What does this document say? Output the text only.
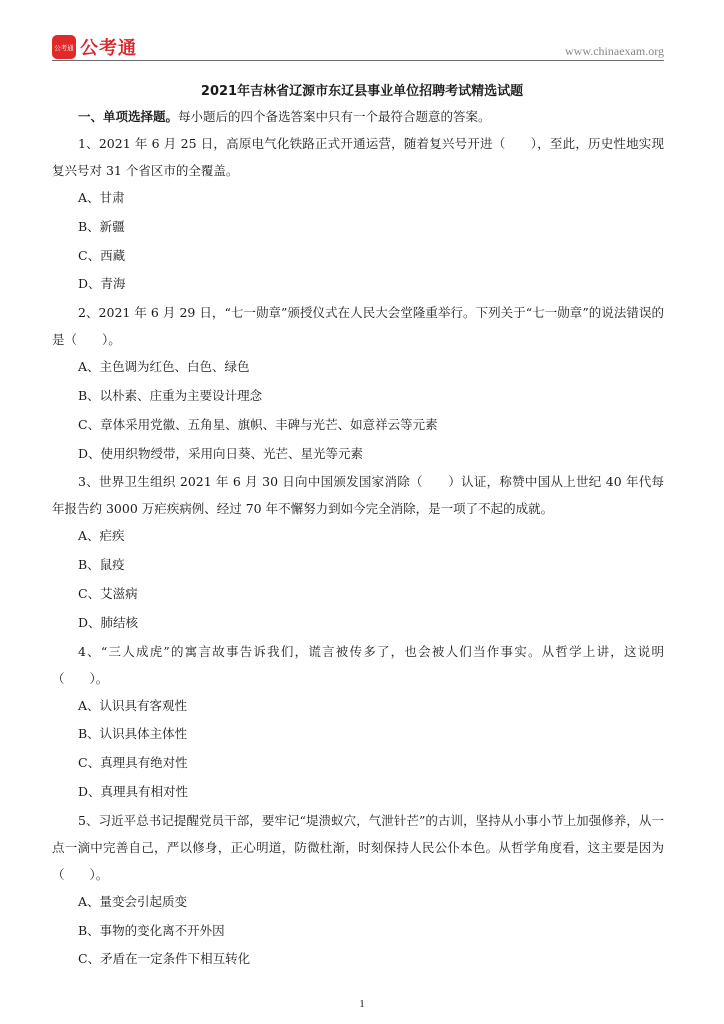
公考通 公考通	www.chinaexam.org
2021年吉林省辽源市东辽县事业单位招聘考试精选试题
一、单项选择题。每小题后的四个备选答案中只有一个最符合题意的答案。
1、2021 年 6 月 25 日，高原电气化铁路正式开通运营，随着复兴号开进（　　），至此，历史性地实现复兴号对 31 个省区市的全覆盖。
A、甘肃
B、新疆
C、西藏
D、青海
2、2021 年 6 月 29 日，“七一勋章”颁授仪式在人民大会堂隆重举行。下列关于“七一勋章”的说法错误的是（　　）。
A、主色调为红色、白色、绿色
B、以朴素、庄重为主要设计理念
C、章体采用党徽、五角星、旗帜、丰碑与光芒、如意祥云等元素
D、使用织物绶带，采用向日葵、光芒、星光等元素
3、世界卫生组织 2021 年 6 月 30 日向中国颁发国家消除（　　）认证，称赞中国从上世纪 40 年代每年报告约 3000 万疟疾病例、经过 70 年不懈努力到如今完全消除，是一项了不起的成就。
A、疟疾
B、鼠疫
C、艾滋病
D、肺结核
4、“三人成虎”的寓言故事告诉我们，谎言被传多了，也会被人们当作事实。从哲学上讲，这说明（　　）。
A、认识具有客观性
B、认识具体主体性
C、真理具有绝对性
D、真理具有相对性
5、习近平总书记提醒党员干部，要牢记“堤溃蚁穴，气泄针芒”的古训，坚持从小事小节上加强修养，从一点一滴中完善自己，严以修身，正心明道，防微杜渐，时刻保持人民公仆本色。从哲学角度看，这主要是因为（　　）。
A、量变会引起质变
B、事物的变化离不开外因
C、矛盾在一定条件下相互转化
1
